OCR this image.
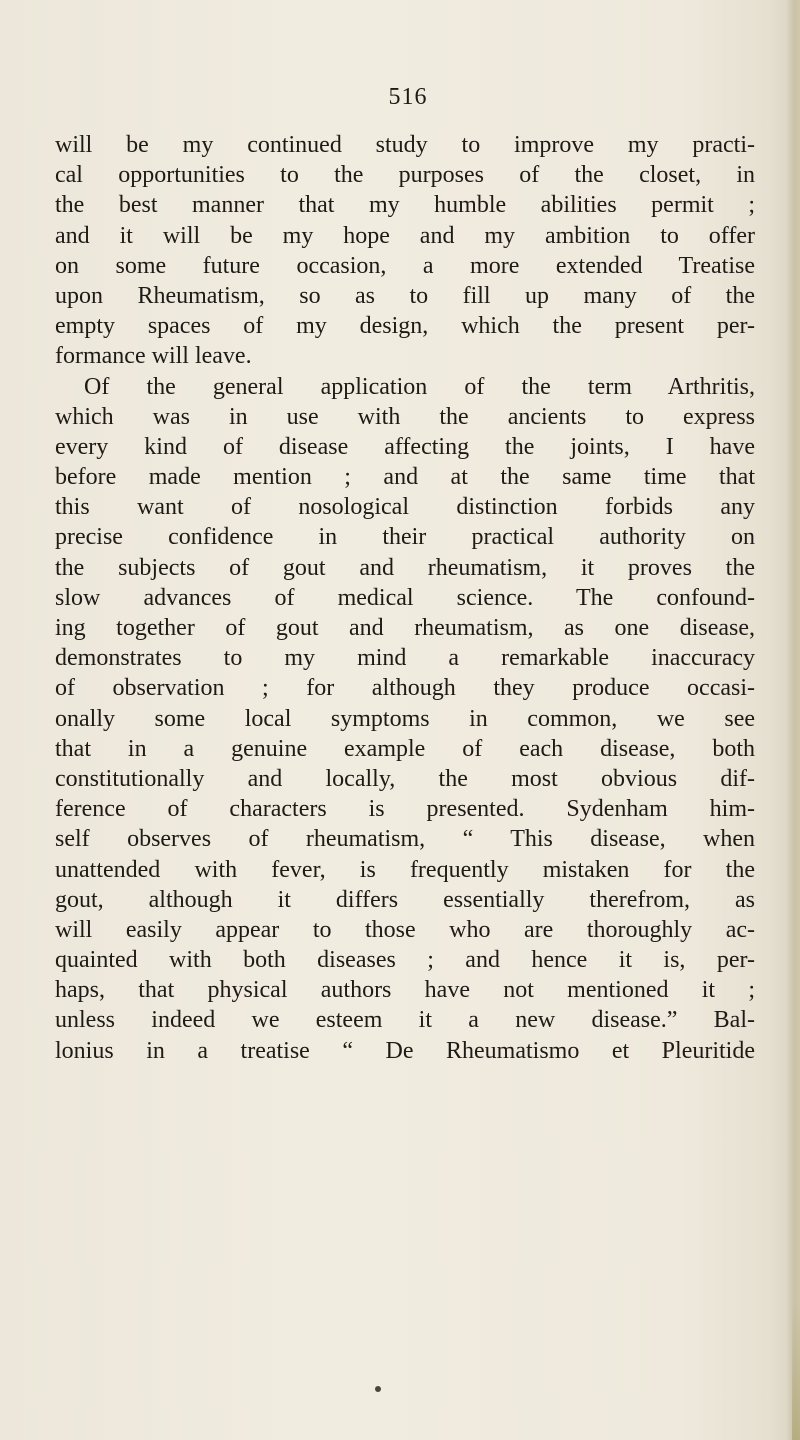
516
will be my continued study to improve my practi-
cal opportunities to the purposes of the closet, in
the best manner that my humble abilities permit ;
and it will be my hope and my ambition to offer
on some future occasion, a more extended Treatise
upon Rheumatism, so as to fill up many of the
empty spaces of my design, which the present per-
formance will leave.
Of the general application of the term Arthritis,
which was in use with the ancients to express
every kind of disease affecting the joints, I have
before made mention ; and at the same time that
this want of nosological distinction forbids any
precise confidence in their practical authority on
the subjects of gout and rheumatism, it proves the
slow advances of medical science. The confound-
ing together of gout and rheumatism, as one disease,
demonstrates to my mind a remarkable inaccuracy
of observation ; for although they produce occasi-
onally some local symptoms in common, we see
that in a genuine example of each disease, both
constitutionally and locally, the most obvious dif-
ference of characters is presented. Sydenham him-
self observes of rheumatism, “ This disease, when
unattended with fever, is frequently mistaken for the
gout, although it differs essentially therefrom, as
will easily appear to those who are thoroughly ac-
quainted with both diseases ; and hence it is, per-
haps, that physical authors have not mentioned it ;
unless indeed we esteem it a new disease.” Bal-
lonius in a treatise “ De Rheumatismo et Pleuritide
